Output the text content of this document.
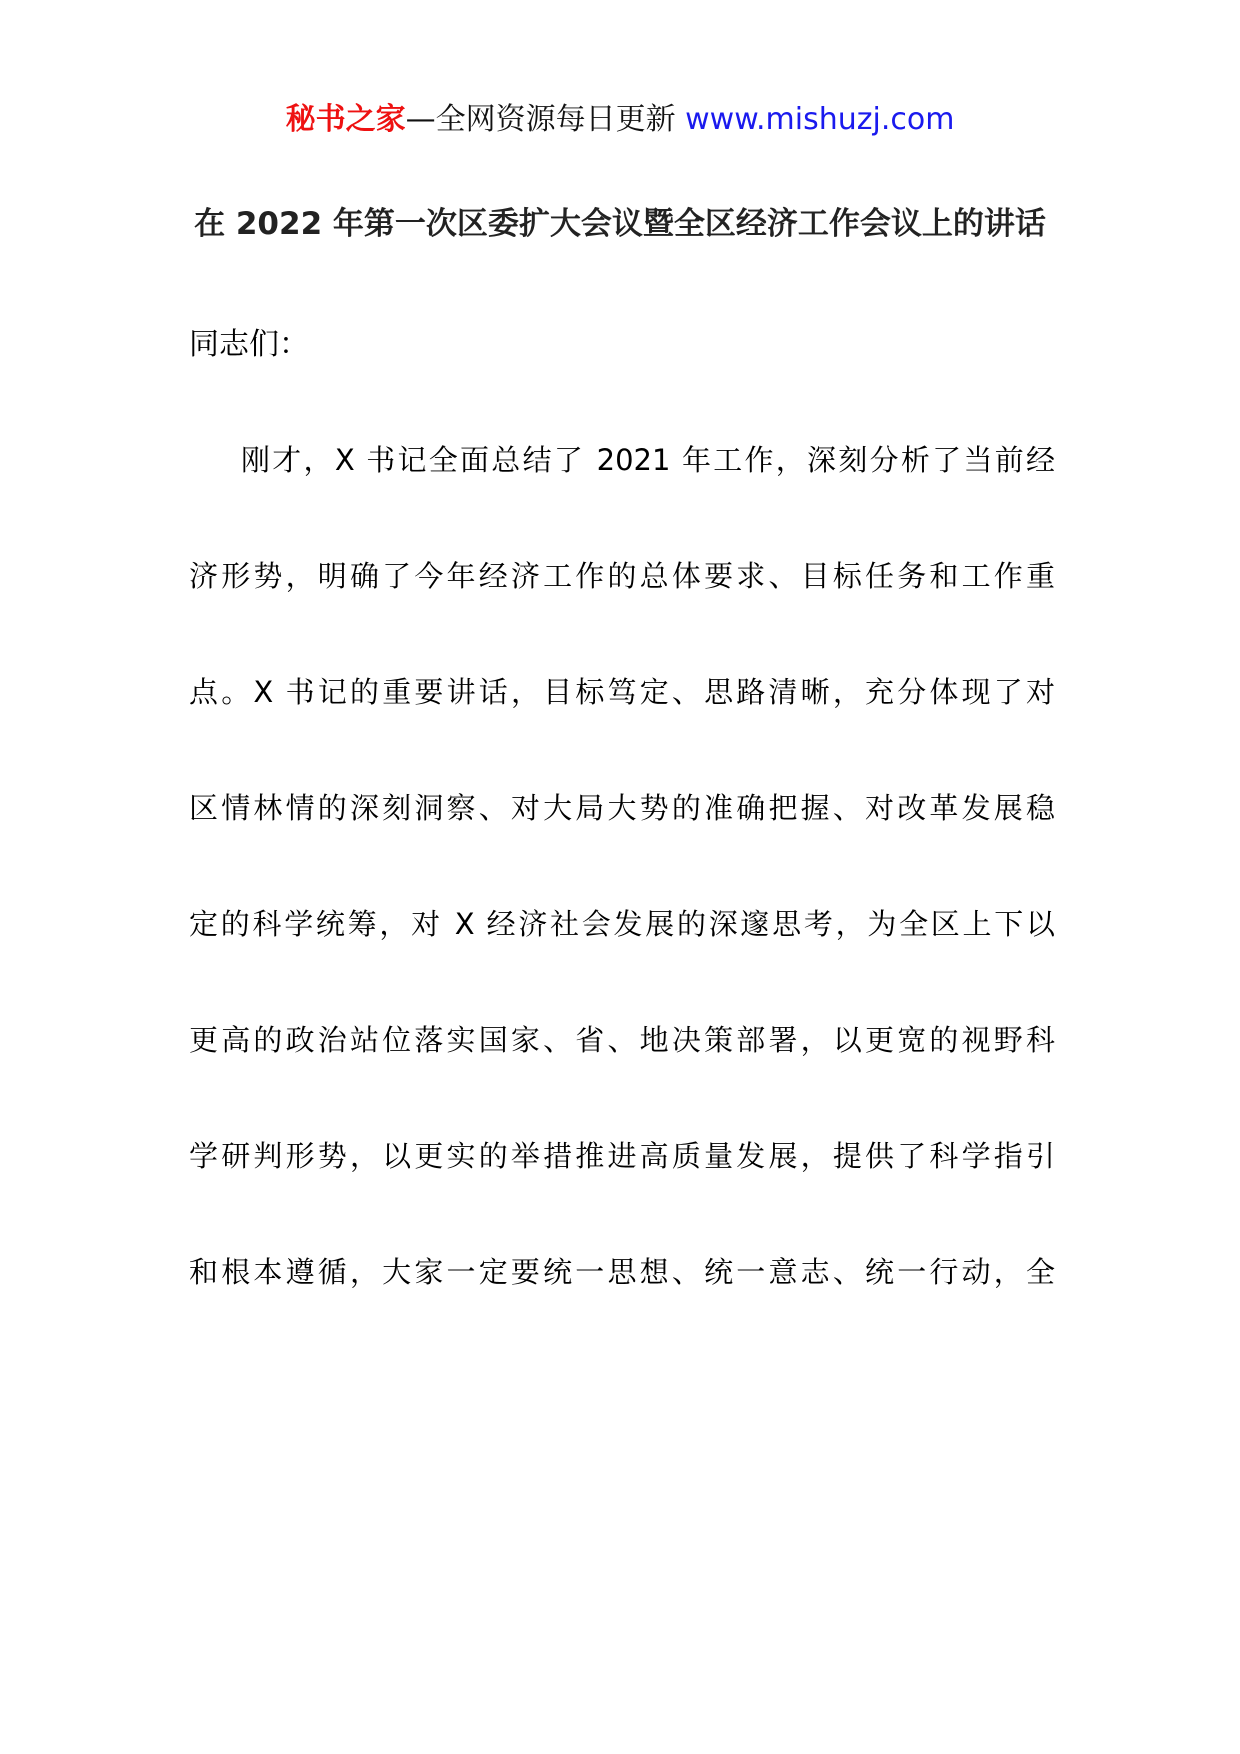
秘书之家—全网资源每日更新 www.mishuzj.com
在 2022 年第一次区委扩大会议暨全区经济工作会议上的讲话
同志们：
刚才，X 书记全面总结了 2021 年工作，深刻分析了当前经
济形势，明确了今年经济工作的总体要求、目标任务和工作重
点。X 书记的重要讲话，目标笃定、思路清晰，充分体现了对
区情林情的深刻洞察、对大局大势的准确把握、对改革发展稳
定的科学统筹，对 X 经济社会发展的深邃思考，为全区上下以
更高的政治站位落实国家、省、地决策部署，以更宽的视野科
学研判形势，以更实的举措推进高质量发展，提供了科学指引
和根本遵循，大家一定要统一思想、统一意志、统一行动，全
